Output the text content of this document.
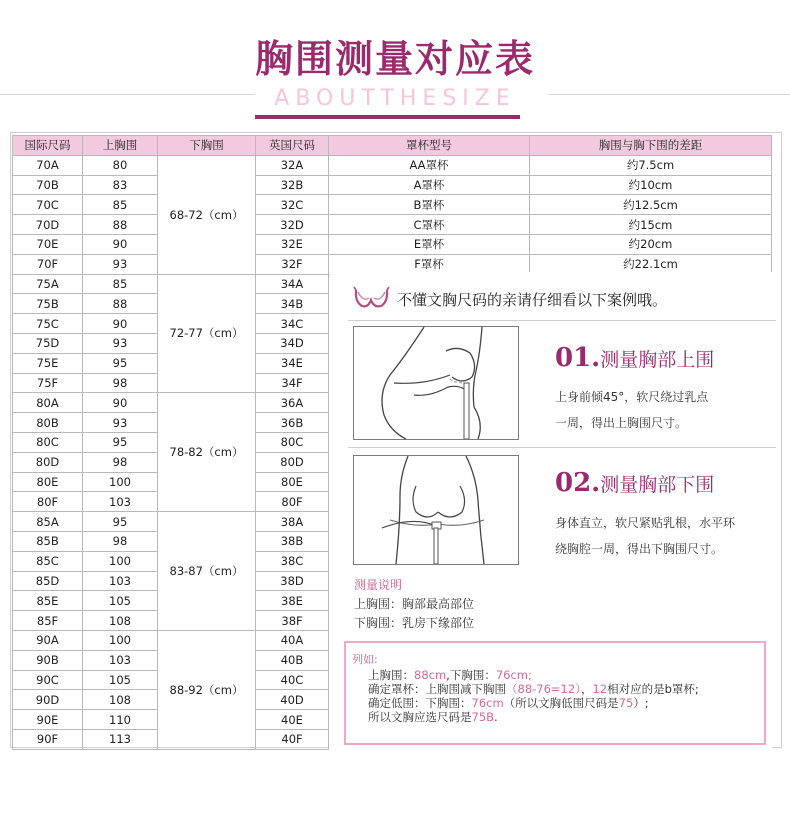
胸围测量对应表
ABOUTTHESIZE
国际尺码	上胸围	下胸围	英国尺码	罩杯型号	胸围与胸下围的差距
70A	80	68-72（cm）	32A	AA罩杯	约7.5cm
70B	83		32B	A罩杯	约10cm
70C	85		32C	B罩杯	约12.5cm
70D	88		32D	C罩杯	约15cm
70E	90		32E	E罩杯	约20cm
70F	93		32F	F罩杯	约22.1cm
75A	85	72-77（cm）	34A		
75B	88		34B		
75C	90		34C		
75D	93		34D		
75E	95		34E		
75F	98		34F		
80A	90	78-82（cm）	36A		
80B	93		36B		
80C	95		80C		
80D	98		80D		
80E	100		80E		
80F	103		80F		
85A	95	83-87（cm）	38A		
85B	98		38B		
85C	100		38C		
85D	103		38D		
85E	105		38E		
85F	108		38F		
90A	100	88-92（cm）	40A		
90B	103		40B		
90C	105		40C		
90D	108		40D		
90E	110		40E		
90F	113		40F		
不懂文胸尺码的亲请仔细看以下案例哦。
01.测量胸部上围
上身前倾45°，软尺绕过乳点
一周，得出上胸围尺寸。
02.测量胸部下围
身体直立，软尺紧贴乳根，水平环
绕胸腔一周，得出下胸围尺寸。
测量说明
上胸围：胸部最高部位
下胸围：乳房下缘部位
列如:
上胸围：88cm,下胸围：76cm;
确定罩杯：上胸围减下胸围（88-76=12），12相对应的是b罩杯;
确定低围：下胸围：76cm（所以文胸低围尺码是75）;
所以文胸应选尺码是75B.
